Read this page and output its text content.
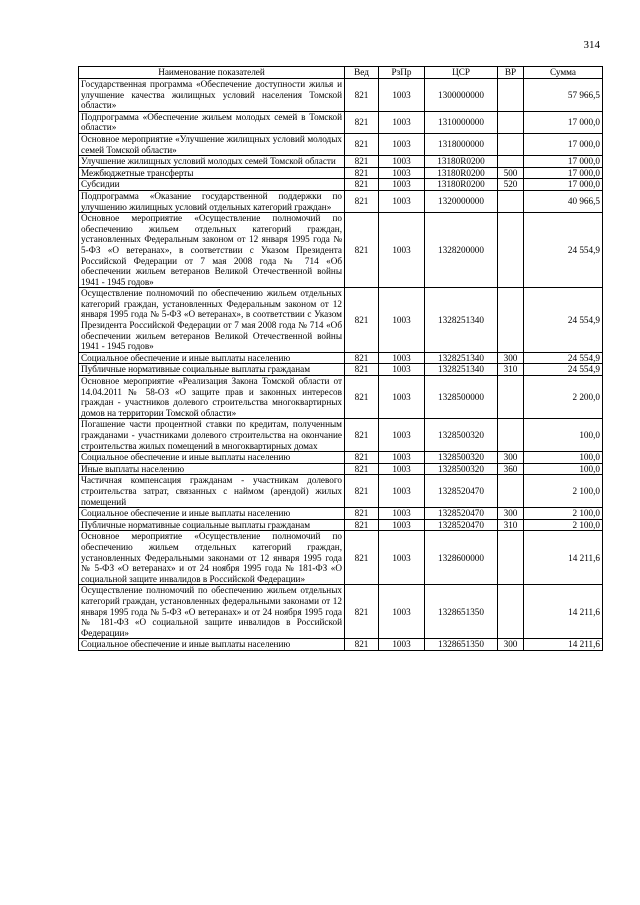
314
Наименование показателей	Вед	РзПр	ЦСР	ВР	Сумма
Государственная программа «Обеспечение доступности жилья и улучшение качества жилищных условий населения Томской области»	821	1003	1300000000		57 966,5
Подпрограмма «Обеспечение жильем молодых семей в Томской области»	821	1003	1310000000		17 000,0
Основное мероприятие «Улучшение жилищных условий молодых семей Томской области»	821	1003	1318000000		17 000,0
Улучшение жилищных условий молодых семей Томской области	821	1003	13180R0200		17 000,0
Межбюджетные трансферты	821	1003	13180R0200	500	17 000,0
Субсидии	821	1003	13180R0200	520	17 000,0
Подпрограмма «Оказание государственной поддержки по улучшению жилищных условий отдельных категорий граждан»	821	1003	1320000000		40 966,5
Основное мероприятие «Осуществление полномочий по обеспечению жильем отдельных категорий граждан, установленных Федеральным законом от 12 января 1995 года № 5-ФЗ «О ветеранах», в соответствии с Указом Президента Российской Федерации от 7 мая 2008 года № 714 «Об обеспечении жильем ветеранов Великой Отечественной войны 1941 - 1945 годов»	821	1003	1328200000		24 554,9
Осуществление полномочий по обеспечению жильем отдельных категорий граждан, установленных Федеральным законом от 12 января 1995 года № 5-ФЗ «О ветеранах», в соответствии с Указом Президента Российской Федерации от 7 мая 2008 года № 714 «Об обеспечении жильем ветеранов Великой Отечественной войны 1941 - 1945 годов»	821	1003	1328251340		24 554,9
Социальное обеспечение и иные выплаты населению	821	1003	1328251340	300	24 554,9
Публичные нормативные социальные выплаты гражданам	821	1003	1328251340	310	24 554,9
Основное мероприятие «Реализация Закона Томской области от 14.04.2011 № 58-ОЗ «О защите прав и законных интересов граждан - участников долевого строительства многоквартирных домов на территории Томской области»	821	1003	1328500000		2 200,0
Погашение части процентной ставки по кредитам, полученным гражданами - участниками долевого строительства на окончание строительства жилых помещений в многоквартирных домах	821	1003	1328500320		100,0
Социальное обеспечение и иные выплаты населению	821	1003	1328500320	300	100,0
Иные выплаты населению	821	1003	1328500320	360	100,0
Частичная компенсация гражданам - участникам долевого строительства затрат, связанных с наймом (арендой) жилых помещений	821	1003	1328520470		2 100,0
Социальное обеспечение и иные выплаты населению	821	1003	1328520470	300	2 100,0
Публичные нормативные социальные выплаты гражданам	821	1003	1328520470	310	2 100,0
Основное мероприятие «Осуществление полномочий по обеспечению жильем отдельных категорий граждан, установленных Федеральными законами от 12 января 1995 года № 5-ФЗ «О ветеранах» и от 24 ноября 1995 года № 181-ФЗ «О социальной защите инвалидов в Российской Федерации»	821	1003	1328600000		14 211,6
Осуществление полномочий по обеспечению жильем отдельных категорий граждан, установленных федеральными законами от 12 января 1995 года № 5-ФЗ «О ветеранах» и от 24 ноября 1995 года № 181-ФЗ «О социальной защите инвалидов в Российской Федерации»	821	1003	1328651350		14 211,6
Социальное обеспечение и иные выплаты населению	821	1003	1328651350	300	14 211,6
